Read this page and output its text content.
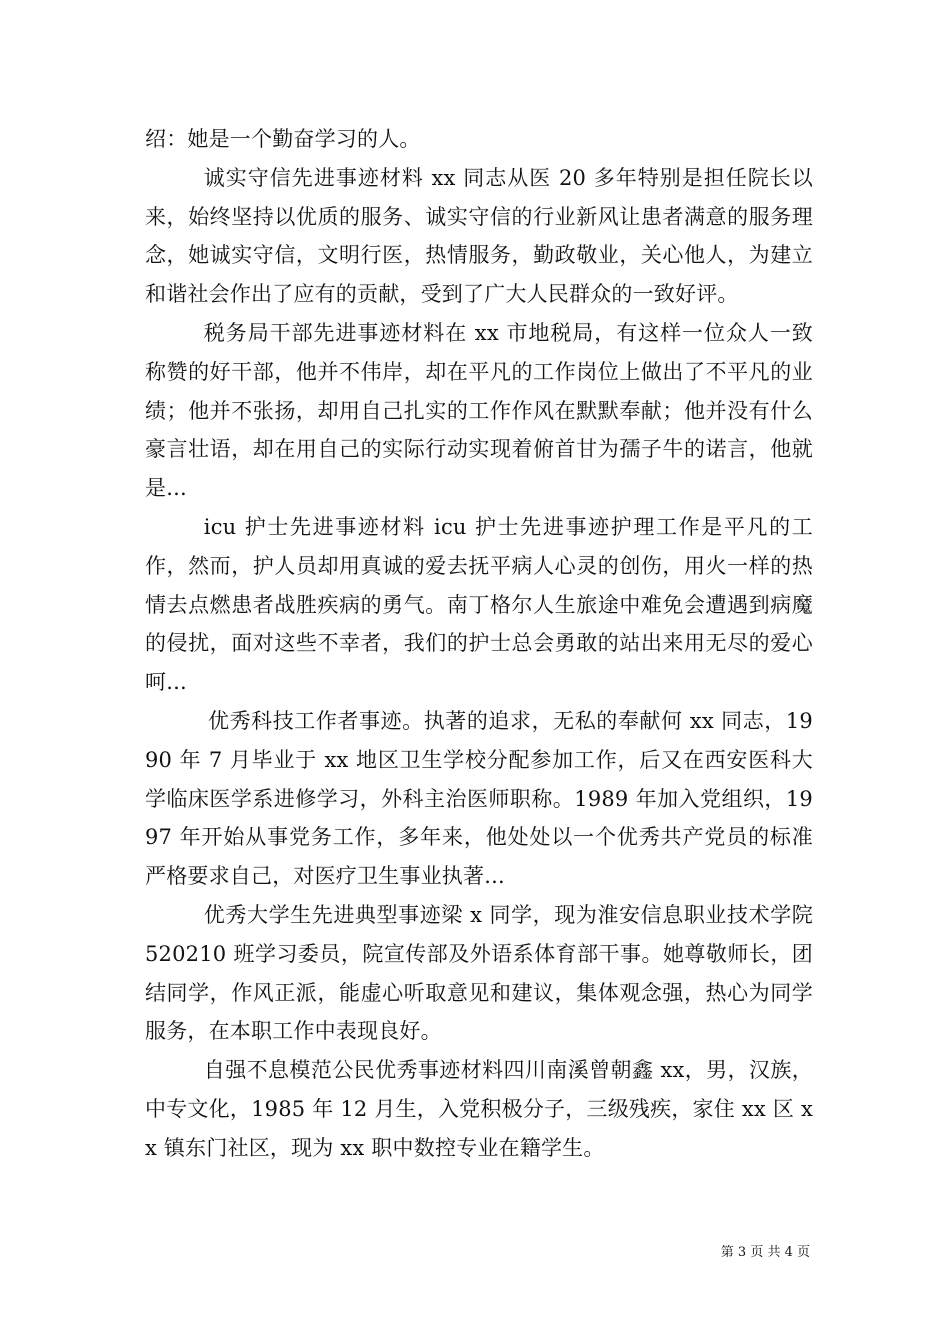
绍：她是一个勤奋学习的人。

诚实守信先进事迹材料 xx 同志从医 20 多年特别是担任院长以来，始终坚持以优质的服务、诚实守信的行业新风让患者满意的服务理念，她诚实守信，文明行医，热情服务，勤政敬业，关心他人，为建立和谐社会作出了应有的贡献，受到了广大人民群众的一致好评。

税务局干部先进事迹材料在 xx 市地税局，有这样一位众人一致称赞的好干部，他并不伟岸，却在平凡的工作岗位上做出了不平凡的业绩；他并不张扬，却用自己扎实的工作作风在默默奉献；他并没有什么豪言壮语，却在用自己的实际行动实现着俯首甘为孺子牛的诺言，他就是...

icu 护士先进事迹材料 icu 护士先进事迹护理工作是平凡的工作，然而，护人员却用真诚的爱去抚平病人心灵的创伤，用火一样的热情去点燃患者战胜疾病的勇气。南丁格尔人生旅途中难免会遭遇到病魔的侵扰，面对这些不幸者，我们的护士总会勇敢的站出来用无尽的爱心呵...

优秀科技工作者事迹。执著的追求，无私的奉献何 xx 同志，1990 年 7 月毕业于 xx 地区卫生学校分配参加工作，后又在西安医科大学临床医学系进修学习，外科主治医师职称。1989 年加入党组织，1997 年开始从事党务工作，多年来，他处处以一个优秀共产党员的标准严格要求自己，对医疗卫生事业执著...

优秀大学生先进典型事迹梁 x 同学，现为淮安信息职业技术学院 520210 班学习委员，院宣传部及外语系体育部干事。她尊敬师长，团结同学，作风正派，能虚心听取意见和建议，集体观念强，热心为同学服务，在本职工作中表现良好。

自强不息模范公民优秀事迹材料四川南溪曾朝鑫 xx，男，汉族，中专文化，1985 年 12 月生，入党积极分子，三级残疾，家住 xx 区 xx 镇东门社区，现为 xx 职中数控专业在籍学生。

第 3 页 共 4 页
